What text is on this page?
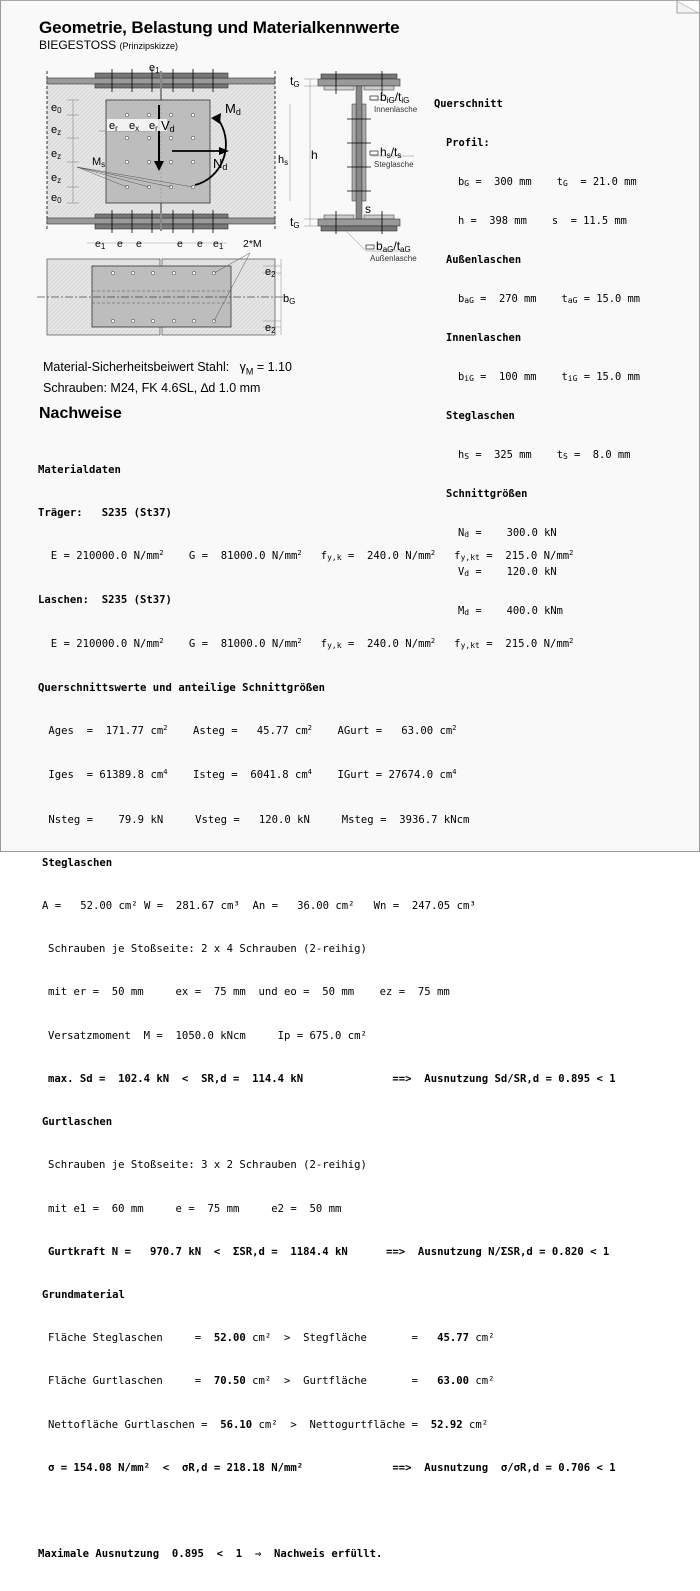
Geometrie, Belastung und Materialkennwerte
BIEGESTOSS (Prinzipskizze)
e0
ez
ez
ez
e0
er ex er Vd
Nd
Md
Ms
e1
e1 e e	e e e1 2*M
e2
bG
e2
tG
h
hs
tG
s
biG/tiG
Innenlasche
hs/ts
Steglasche
baG/taG
Außenlasche

Querschnitt

Profil:

$b_G = 300$ mm $t_G = 21.0$ mm

h =  398 mm s  = 11.5 mm

Außenlaschen

$b_{aG} = 270$ mm $t_{aG} = 15.0$ mm

Innenlaschen

$b_{iG} = 100$ mm $t_{iG} = 15.0$ mm

Steglaschen

$h_S = 325$ mm $t_S = 8.0$ mm

Schnittgrößen

$N_d$ =    300.0 kN

$V_d$ =    120.0 kN

$M_d$ =    400.0 kNm

Material-Sicherheitsbeiwert Stahl: $\gamma_M = 1.10$
Schrauben: M24, FK 4.6SL, ∆d 1.0 mm
Nachweise

Materialdaten

Träger:   S235 (St37)

E = 210000.0 $N/mm^2$    G =  81000.0 $N/mm^2$   $f_{y,k} = 240.0$ $N/mm^2$   $f_{y,kt} = 215.0$ $N/mm^2$

Laschen:  S235 (St37)

E = 210000.0 $N/mm^2$    G =  81000.0 $N/mm^2$   $f_{y,k} = 240.0$ $N/mm^2$   $f_{y,kt} = 215.0$ $N/mm^2$

Querschnittswerte und anteilige Schnittgrößen

Ages  =  171.77 $cm^2$ Asteg =   45.77 $cm^2$ AGurt =   63.00 $cm^2$

Iges  = 61389.8 $cm^4$ Isteg =  6041.8 $cm^4$ IGurt = 27674.0 $cm^4$

Nsteg =    79.9 kN	Vsteg =   120.0 kN	Msteg =  3936.7 kNcm

Steglaschen

A =   52.00 cm² W =  281.67 cm³  An =   36.00 cm²   Wn =  247.05 cm³

Schrauben je Stoßseite: 2 x 4 Schrauben (2-reihig)

mit er =  50 mm     ex =  75 mm  und eo =  50 mm    ez =  75 mm

Versatzmoment  M =  1050.0 kNcm     Ip = 675.0 cm²

max. Sd =  102.4 kN  <  SR,d =  114.4 kN	==>  Ausnutzung Sd/SR,d = 0.895 < 1

Gurtlaschen

Schrauben je Stoßseite: 3 x 2 Schrauben (2-reihig)

mit e1 =  60 mm     e =  75 mm     e2 =  50 mm

Gurtkraft N =   970.7 kN  <  ΣSR,d =  1184.4 kN	==>  Ausnutzung N/ΣSR,d = 0.820 < 1

Grundmaterial

Fläche Steglaschen     = 52.00 cm²  >  Stegfläche       = 45.77 cm²

Fläche Gurtlaschen     = 70.50 cm²  >  Gurtfläche       = 63.00 cm²

Nettofläche Gurtlaschen = 56.10 cm²  >  Nettogurtfläche = 52.92 cm²

σ = 154.08 N/mm²  <  σR,d = 218.18 N/mm²	==>  Ausnutzung  σ/σR,d = 0.706 < 1

Maximale Ausnutzung  0.895  <  1  ⇒  Nachweis erfüllt.
